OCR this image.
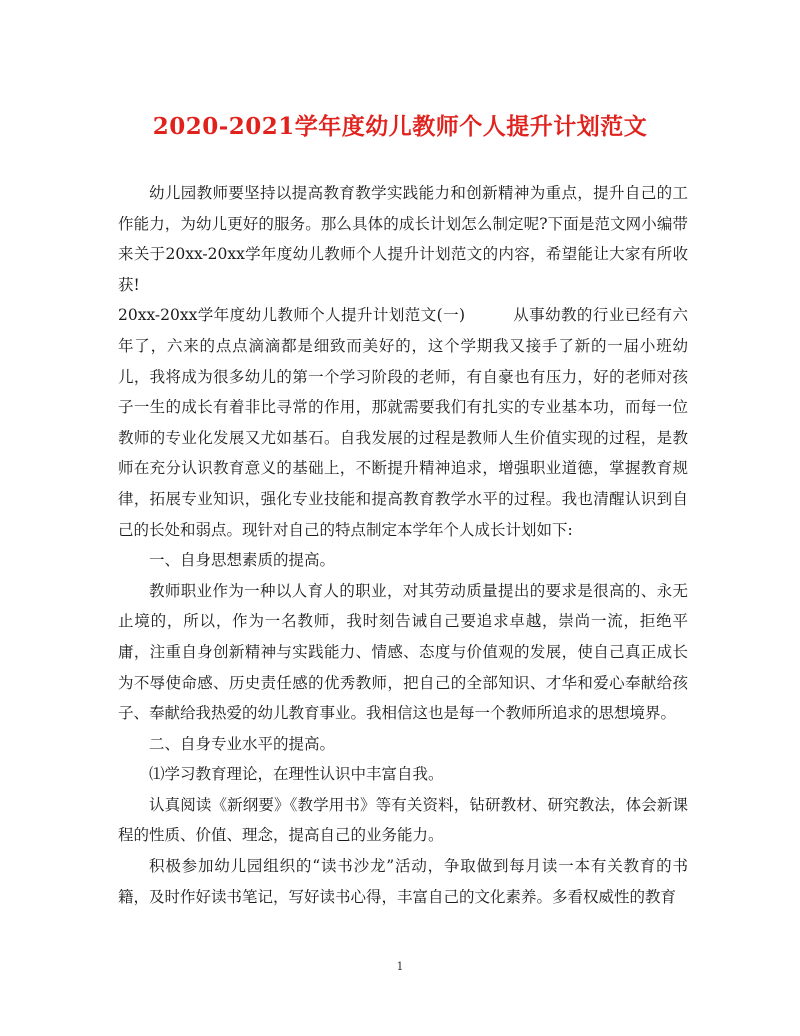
2020-2021学年度幼儿教师个人提升计划范文

幼儿园教师要坚持以提高教育教学实践能力和创新精神为重点，提升自己的工作能力，为幼儿更好的服务。那么具体的成长计划怎么制定呢?下面是范文网小编带来关于20xx-20xx学年度幼儿教师个人提升计划范文的内容，希望能让大家有所收获!

20xx-20xx学年度幼儿教师个人提升计划范文(一)　　　	从事幼教的行业已经有六年了，六来的点点滴滴都是细致而美好的，这个学期我又接手了新的一届小班幼儿，我将成为很多幼儿的第一个学习阶段的老师，有自豪也有压力，好的老师对孩子一生的成长有着非比寻常的作用，那就需要我们有扎实的专业基本功，而每一位教师的专业化发展又尤如基石。自我发展的过程是教师人生价值实现的过程，是教师在充分认识教育意义的基础上，不断提升精神追求，增强职业道德，掌握教育规律，拓展专业知识，强化专业技能和提高教育教学水平的过程。我也清醒认识到自己的长处和弱点。现针对自己的特点制定本学年个人成长计划如下:

一、自身思想素质的提高。

教师职业作为一种以人育人的职业，对其劳动质量提出的要求是很高的、永无止境的，所以，作为一名教师，我时刻告诫自己要追求卓越，崇尚一流，拒绝平庸，注重自身创新精神与实践能力、情感、态度与价值观的发展，使自己真正成长为不辱使命感、历史责任感的优秀教师，把自己的全部知识、才华和爱心奉献给孩子、奉献给我热爱的幼儿教育事业。我相信这也是每一个教师所追求的思想境界。

二、自身专业水平的提高。

⑴学习教育理论，在理性认识中丰富自我。

认真阅读《新纲要》《教学用书》等有关资料，钻研教材、研究教法，体会新课程的性质、价值、理念，提高自己的业务能力。

积极参加幼儿园组织的“读书沙龙”活动，争取做到每月读一本有关教育的书籍，及时作好读书笔记，写好读书心得，丰富自己的文化素养。多看权威性的教育

1
